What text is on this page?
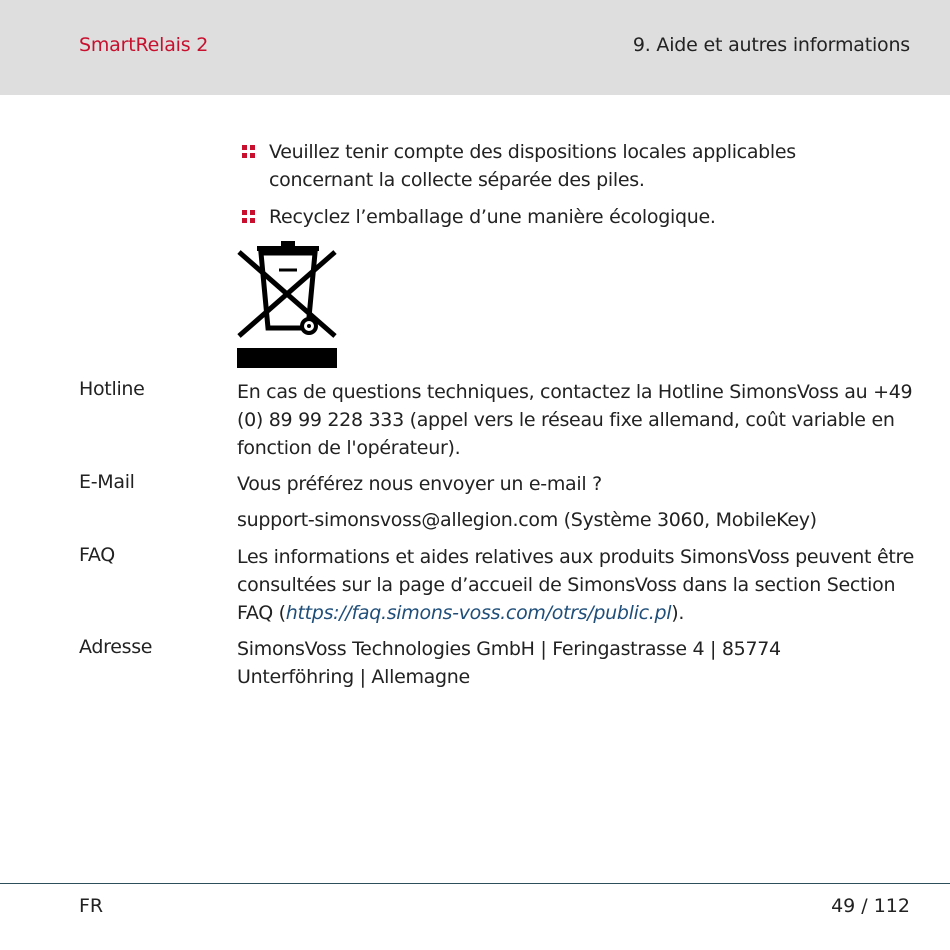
SmartRelais 2	9. Aide et autres informations
Veuillez tenir compte des dispositions locales applicables concernant la collecte séparée des piles.
Recyclez l’emballage d’une manière écologique.
Hotline	En cas de questions techniques, contactez la Hotline SimonsVoss au +49 (0) 89 99 228 333 (appel vers le réseau fixe allemand, coût variable en fonction de l'opérateur).
E-Mail	Vous préférez nous envoyer un e-mail ?
support-simonsvoss@allegion.com (Système 3060, MobileKey)
FAQ	Les informations et aides relatives aux produits SimonsVoss peuvent être consultées sur la page d’accueil de SimonsVoss dans la section Section FAQ (https://faq.simons-voss.com/otrs/public.pl).
Adresse	SimonsVoss Technologies GmbH | Feringastrasse 4 | 85774 Unterföhring | Allemagne
FR	49 / 112
